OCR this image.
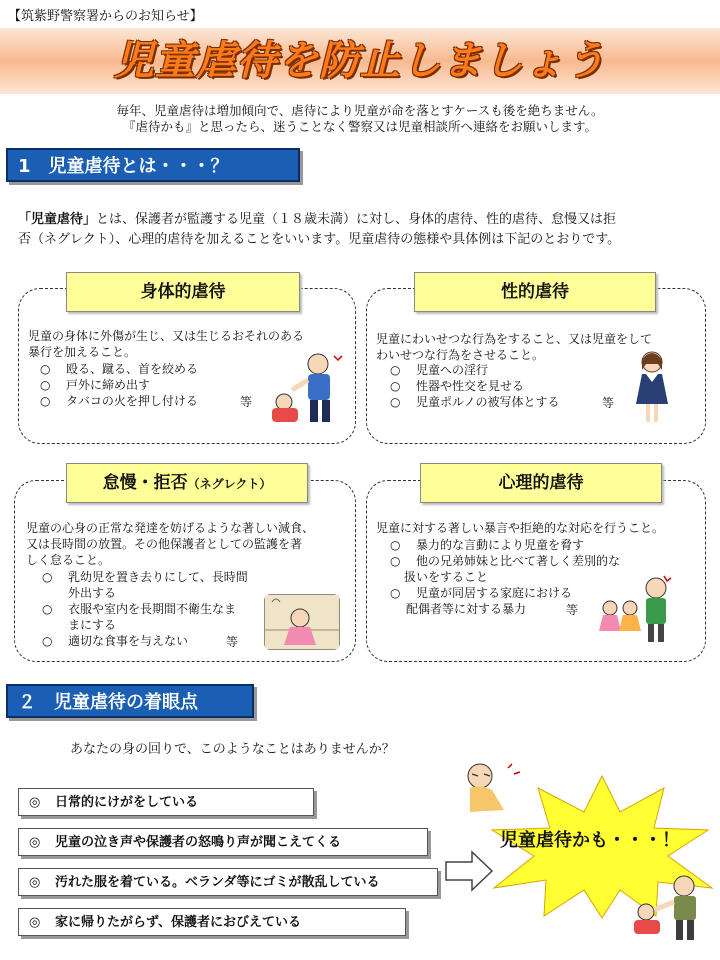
【筑紫野警察署からのお知らせ】
児童虐待を防止しましょう
毎年、児童虐待は増加傾向で、虐待により児童が命を落とすケースも後を絶ちません。
『虐待かも』と思ったら、迷うことなく警察又は児童相談所へ連絡をお願いします。
1　児童虐待とは・・・？
「児童虐待」とは、保護者が監護する児童（１８歳未満）に対し、身体的虐待、性的虐待、怠慢又は拒
否（ネグレクト）、心理的虐待を加えることをいいます。児童虐待の態様や具体例は下記のとおりです。
身体的虐待
児童の身体に外傷が生じ、又は生じるおそれのある
暴行を加えること。
○ 殴る、蹴る、首を絞める
○ 戸外に締め出す
○ タバコの火を押し付ける	等
性的虐待
児童にわいせつな行為をすること、又は児童をして
わいせつな行為をさせること。
○ 児童への淫行
○ 性器や性交を見せる
○ 児童ポルノの被写体とする	等
怠慢・拒否（ネグレクト）
児童の心身の正常な発達を妨げるような著しい減食、
又は長時間の放置。その他保護者としての監護を著
しく怠ること。
○ 乳幼児を置き去りにして、長時間
外出する
○ 衣服や室内を長期間不衛生なま
まにする
○ 適切な食事を与えない	等
心理的虐待
児童に対する著しい暴言や拒絶的な対応を行うこと。
○ 暴力的な言動により児童を脅す
○ 他の兄弟姉妹と比べて著しく差別的な
扱いをすること
○ 児童が同居する家庭における
配偶者等に対する暴力	等
２　児童虐待の着眼点
あなたの身の回りで、このようなことはありませんか？
◎ 日常的にけがをしている
◎ 児童の泣き声や保護者の怒鳴り声が聞こえてくる
◎ 汚れた服を着ている。ベランダ等にゴミが散乱している
◎ 家に帰りたがらず、保護者におびえている
児童虐待かも・・・！
